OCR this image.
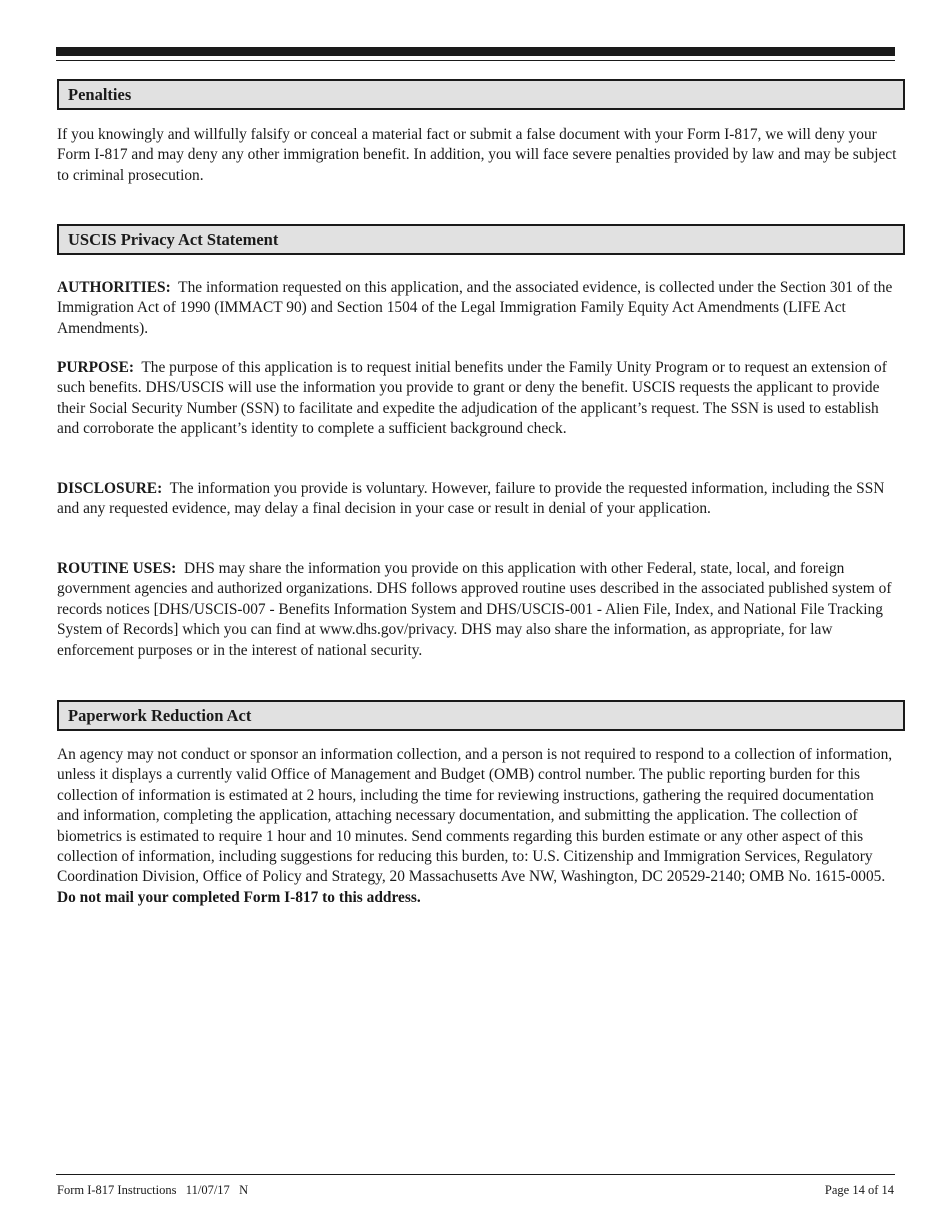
Penalties

If you knowingly and willfully falsify or conceal a material fact or submit a false document with your Form I-817, we will deny your Form I-817 and may deny any other immigration benefit. In addition, you will face severe penalties provided by law and may be subject to criminal prosecution.

USCIS Privacy Act Statement

AUTHORITIES: The information requested on this application, and the associated evidence, is collected under the Section 301 of the Immigration Act of 1990 (IMMACT 90) and Section 1504 of the Legal Immigration Family Equity Act Amendments (LIFE Act Amendments).

PURPOSE: The purpose of this application is to request initial benefits under the Family Unity Program or to request an extension of such benefits. DHS/USCIS will use the information you provide to grant or deny the benefit. USCIS requests the applicant to provide their Social Security Number (SSN) to facilitate and expedite the adjudication of the applicant’s request. The SSN is used to establish and corroborate the applicant’s identity to complete a sufficient background check.

DISCLOSURE: The information you provide is voluntary. However, failure to provide the requested information, including the SSN and any requested evidence, may delay a final decision in your case or result in denial of your application.

ROUTINE USES: DHS may share the information you provide on this application with other Federal, state, local, and foreign government agencies and authorized organizations. DHS follows approved routine uses described in the associated published system of records notices [DHS/USCIS-007 - Benefits Information System and DHS/USCIS-001 - Alien File, Index, and National File Tracking System of Records] which you can find at www.dhs.gov/privacy. DHS may also share the information, as appropriate, for law enforcement purposes or in the interest of national security.

Paperwork Reduction Act

An agency may not conduct or sponsor an information collection, and a person is not required to respond to a collection of information, unless it displays a currently valid Office of Management and Budget (OMB) control number. The public reporting burden for this collection of information is estimated at 2 hours, including the time for reviewing instructions, gathering the required documentation and information, completing the application, attaching necessary documentation, and submitting the application. The collection of biometrics is estimated to require 1 hour and 10 minutes. Send comments regarding this burden estimate or any other aspect of this collection of information, including suggestions for reducing this burden, to: U.S. Citizenship and Immigration Services, Regulatory Coordination Division, Office of Policy and Strategy, 20 Massachusetts Ave NW, Washington, DC 20529-2140; OMB No. 1615-0005.  Do not mail your completed Form I-817 to this address.

Form I-817 Instructions   11/07/17   N	Page 14 of 14
